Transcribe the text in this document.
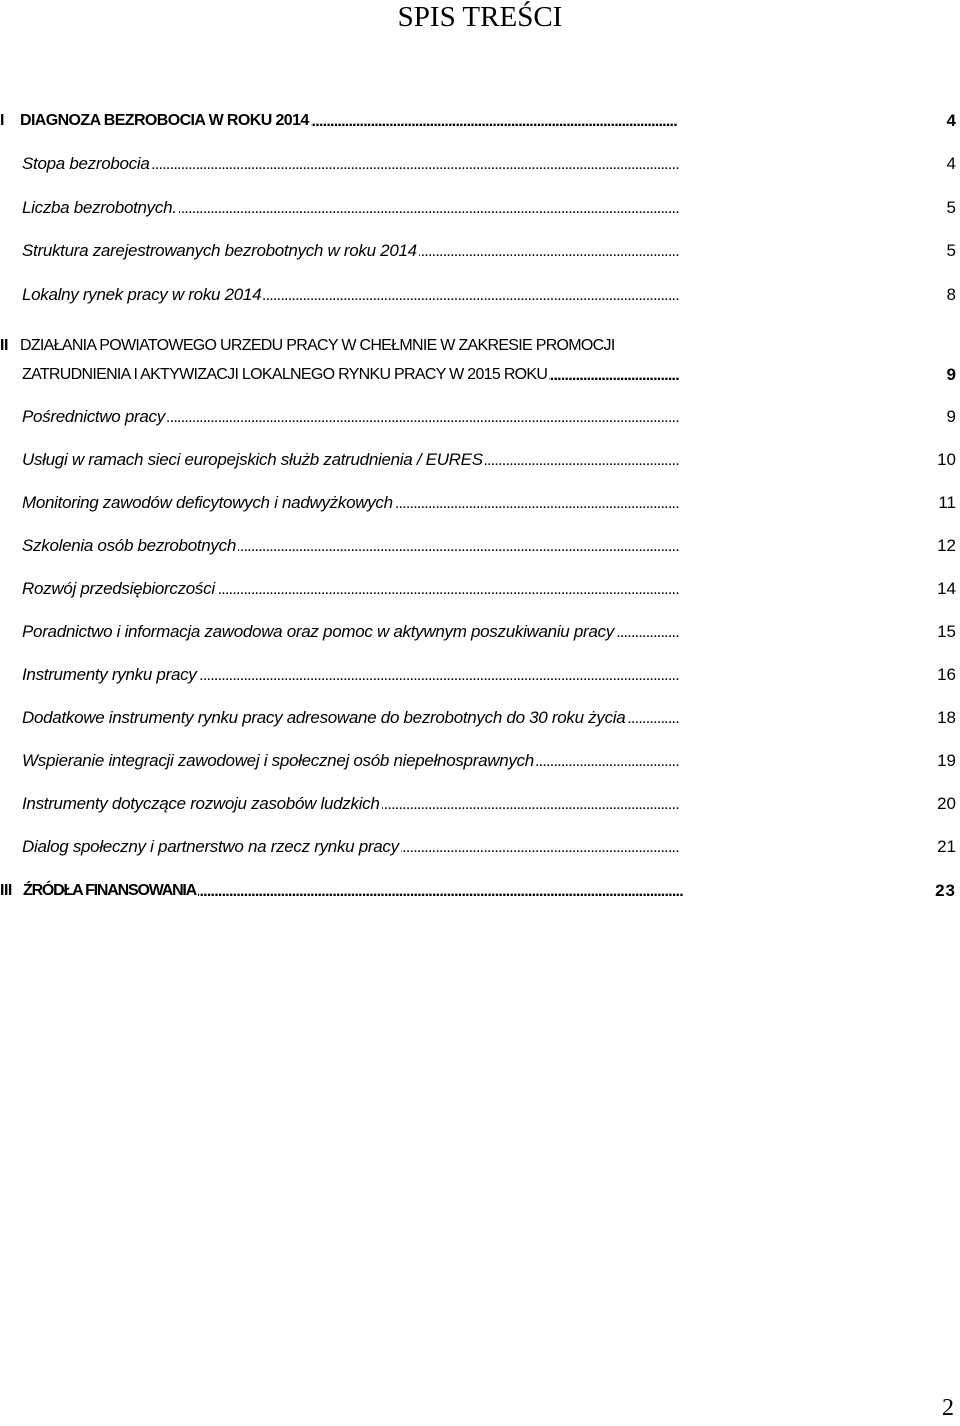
SPIS TREŚCI
I . . . DIAGNOZA BEZROBOCIA W ROKU 2014	4
. . .
Stopa bezrobocia	4
. . .
Liczba bezrobotnych.	5
. . .
Struktura zarejestrowanych bezrobotnych w roku 2014	5
. . .
Lokalny rynek pracy w roku 2014	8
II DZIAŁANIA POWIATOWEGO URZEDU PRACY W CHEŁMNIE W ZAKRESIE PROMOCJI
. . .
ZATRUDNIENIA I AKTYWIZACJI LOKALNEGO RYNKU PRACY W 2015 ROKU	9
. . .
Pośrednictwo pracy	9
. . .
Usługi w ramach sieci europejskich służb zatrudnienia / EURES	10
. . .
Monitoring zawodów deficytowych i nadwyżkowych	11
. . .
Szkolenia osób bezrobotnych	12
. . .
Rozwój przedsiębiorczości	14
. . .
Poradnictwo i informacja zawodowa oraz pomoc w aktywnym poszukiwaniu pracy	15
. . .
Instrumenty rynku pracy	16
. . .
Dodatkowe instrumenty rynku pracy adresowane do bezrobotnych do 30 roku życia	18
. . .
Wspieranie integracji zawodowej i społecznej osób niepełnosprawnych	19
. . .
Instrumenty dotyczące rozwoju zasobów ludzkich	20
. . .
Dialog społeczny i partnerstwo na rzecz rynku pracy	21
III . . . ŹRÓDŁA FINANSOWANIA	23
2
